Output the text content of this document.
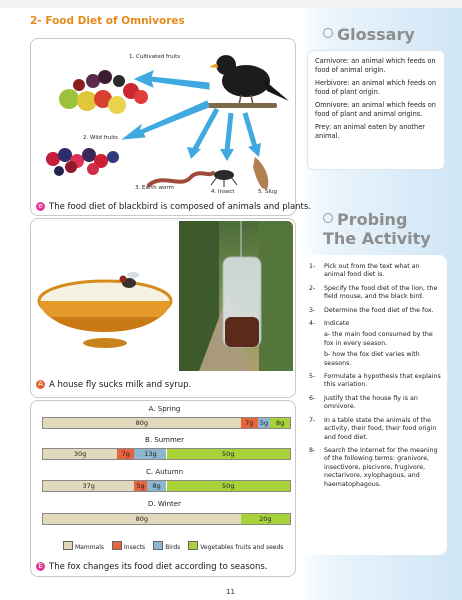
2- Food Diet of Omnivores
1. Cultivated fruits
2. Wild fruits
3. Earth worm
4. Insect	5. Slug
e The food diet of blackbird is composed of animals and plants.
A A house fly sucks milk and syrup.
A. Spring
80g	7g	5g	8g
B. Summer
30g	7g	13g	50g
C. Autumn
37g	5g	8g	50g
D. Winter
80g	20g
Mammals	Insects	Birds	Vegetables fruits and seeds
E The fox changes its food diet according to seasons.
Glossary

Carnivore: an animal which feeds on food of animal origin.

Herbivore: an animal which feeds on food of plant origin.

Omnivore: an animal which feeds on food of plant and animal origins.

Prey: an animal eaten by another animal.

Probing
The Activity
1- Pick out from the text what an animal food diet is.
2- Specify the food diet of the lion, the field mouse, and the black bird.
3- Determine the food diet of the fox.
4- Indicate
a- the main food consumed by the fox in every season.
b- how the fox diet varies with seasons.
5- Formulate a hypothesis that explains this variation.
6- Justify that the house fly is an omnivore.
7- In a table state the animals of the activity, their food, their food origin and food diet.
8- Search the Internet for the meaning of the following terms: granivore, insectivore, piscivore, frugivore, nectarivore, xylophagous, and haematophagous.
11
